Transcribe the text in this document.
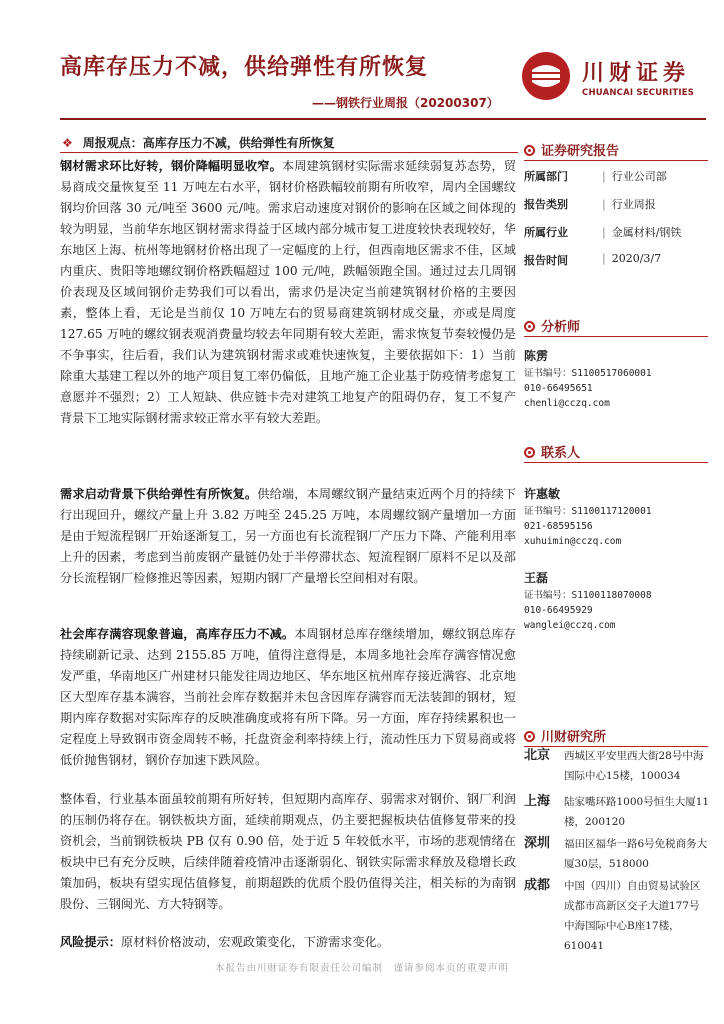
高库存压力不减，供给弹性有所恢复
——钢铁行业周报（20200307）
川财证券
CHUANCAI SECURITIES
❖ 周报观点：高库存压力不减，供给弹性有所恢复

钢材需求环比好转，钢价降幅明显收窄。本周建筑钢材实际需求延续弱复苏态势，贸易商成交量恢复至 11 万吨左右水平，钢材价格跌幅较前期有所收窄，周内全国螺纹钢均价回落 30 元/吨至 3600 元/吨。需求启动速度对钢价的影响在区域之间体现的较为明显，当前华东地区钢材需求得益于区域内部分城市复工进度较快表现较好，华东地区上海、杭州等地钢材价格出现了一定幅度的上行，但西南地区需求不佳，区域内重庆、贵阳等地螺纹钢价格跌幅超过 100 元/吨，跌幅领跑全国。通过过去几周钢价表现及区域间钢价走势我们可以看出，需求仍是决定当前建筑钢材价格的主要因素，整体上看，无论是当前仅 10 万吨左右的贸易商建筑钢材成交量，亦或是周度 127.65 万吨的螺纹钢表观消费量均较去年同期有较大差距，需求恢复节奏较慢仍是不争事实，往后看，我们认为建筑钢材需求或难快速恢复，主要依据如下：1）当前除重大基建工程以外的地产项目复工率仍偏低，且地产施工企业基于防疫情考虑复工意愿并不强烈；2）工人短缺、供应链卡壳对建筑工地复产的阻碍仍存，复工不复产背景下工地实际钢材需求较正常水平有较大差距。

需求启动背景下供给弹性有所恢复。供给端，本周螺纹钢产量结束近两个月的持续下行出现回升，螺纹产量上升 3.82 万吨至 245.25 万吨，本周螺纹钢产量增加一方面是由于短流程钢厂开始逐渐复工，另一方面也有长流程钢厂产压力下降、产能利用率上升的因素，考虑到当前废钢产量链仍处于半停滞状态、短流程钢厂原料不足以及部分长流程钢厂检修推迟等因素，短期内钢厂产量增长空间相对有限。

社会库存满容现象普遍，高库存压力不减。本周钢材总库存继续增加，螺纹钢总库存持续刷新记录、达到 2155.85 万吨，值得注意得是，本周多地社会库存满容情况愈发严重，华南地区广州建材只能发往周边地区、华东地区杭州库存接近满容、北京地区大型库存基本满容，当前社会库存数据并未包含因库存满容而无法装卸的钢材，短期内库存数据对实际库存的反映准确度或将有所下降。另一方面，库存持续累积也一定程度上导致钢市资金周转不畅，托盘资金利率持续上行，流动性压力下贸易商或将低价抛售钢材，钢价存加速下跌风险。

整体看，行业基本面虽较前期有所好转，但短期内高库存、弱需求对钢价、钢厂利润的压制仍将存在。钢铁板块方面，延续前期观点，仍主要把握板块估值修复带来的投资机会，当前钢铁板块 PB 仅有 0.90 倍，处于近 5 年较低水平，市场的悲观情绪在板块中已有充分反映，后续伴随着疫情冲击逐渐弱化、钢铁实际需求释放及稳增长政策加码，板块有望实现估值修复，前期超跌的优质个股仍值得关注，相关标的为南钢股份、三钢闽光、方大特钢等。

风险提示：原材料价格波动，宏观政策变化，下游需求变化。

证券研究报告
所属部门	| 行业公司部
报告类别	| 行业周报
所属行业	| 金属材料/钢铁
报告时间	| 2020/3/7
分析师
陈雳
证书编号：S1100517060001
010-66495651
chenli@cczq.com
联系人
许惠敏
证书编号：S1100117120001
021-68595156
xuhuimin@cczq.com
王磊
证书编号：S1100118070008
010-66495929
wanglei@cczq.com
川财研究所
北京 西城区平安里西大街28号中海国际中心15楼，100034
上海 陆家嘴环路1000号恒生大厦11楼，200120
深圳 福田区福华一路6号免税商务大厦30层，518000
成都 中国（四川）自由贸易试验区成都市高新区交子大道177号中海国际中心B座17楼，610041
本报告由川财证券有限责任公司编制　谨请参阅本页的重要声明
